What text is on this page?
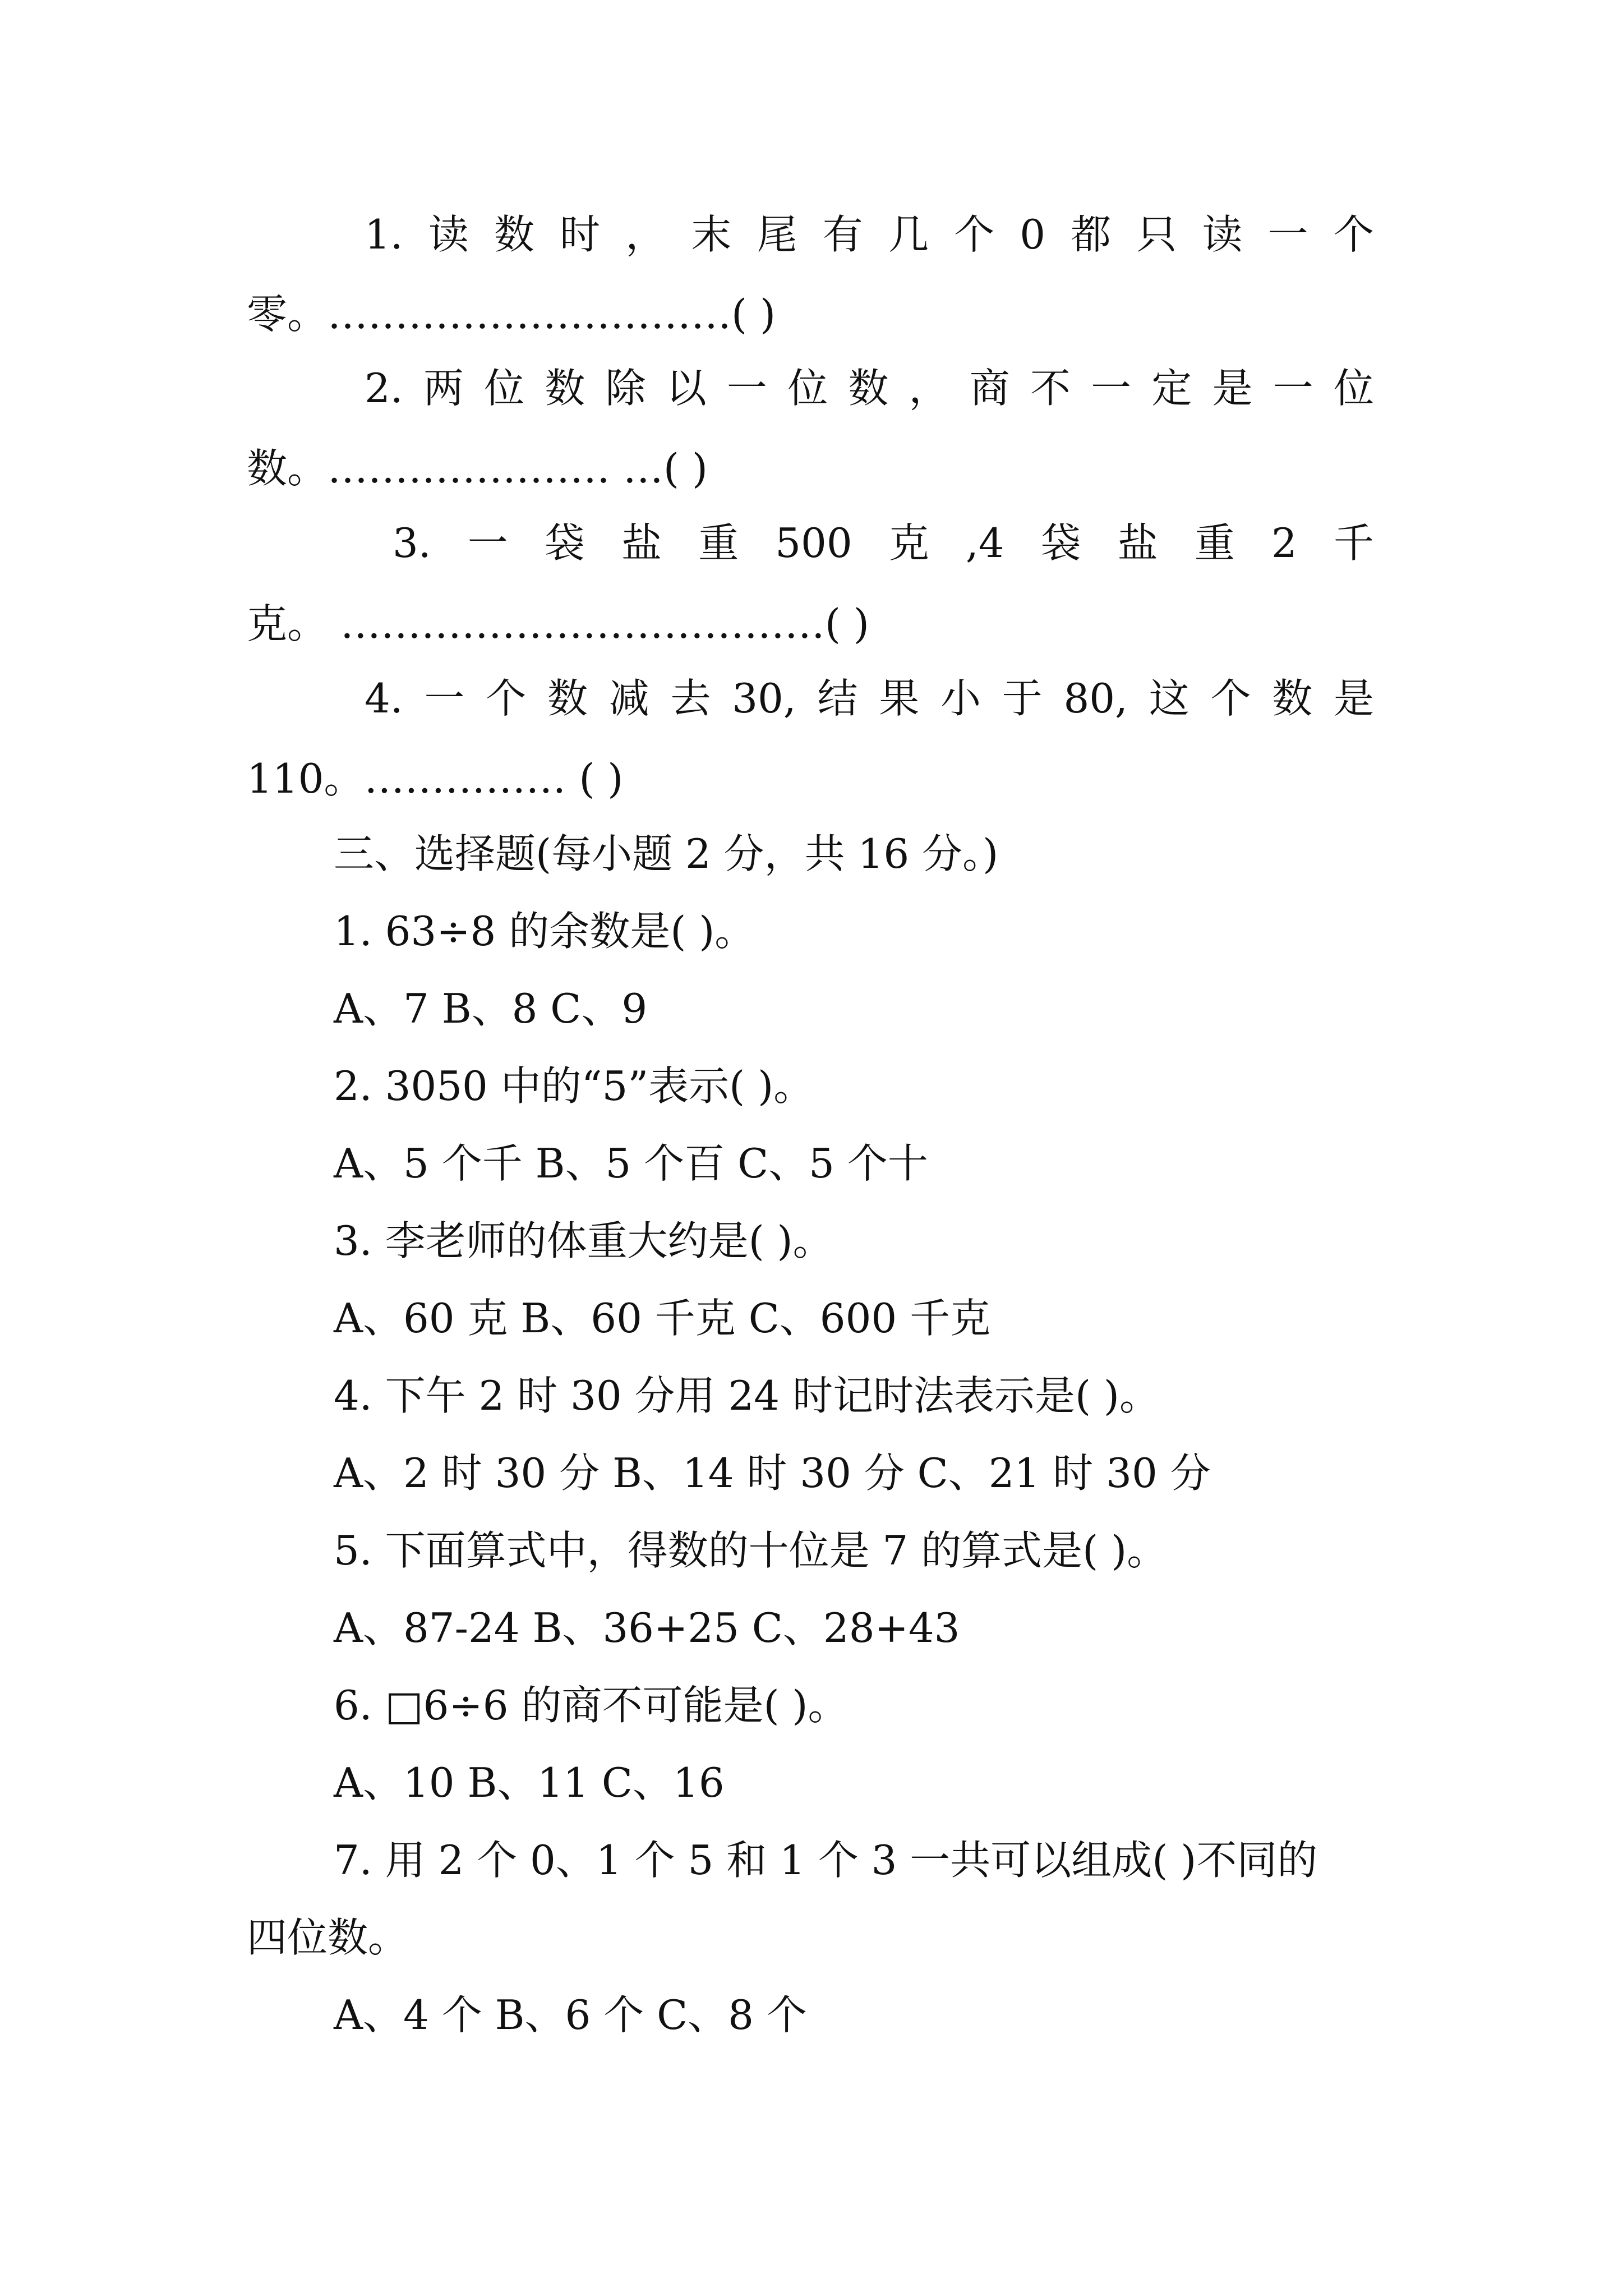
1. 读 数 时 ， 末 尾 有 几 个 0 都 只 读 一 个
零。…………………………( )
2. 两 位 数 除 以 一 位 数 ， 商 不 一 定 是 一 位
数。………………… …( )
3. 一 袋 盐 重 500 克 ,4 袋 盐 重 2 千
克。 ………………………………( )
4. 一 个 数 减 去 30, 结 果 小 于 80, 这 个 数 是
110。…………… ( )
三、选择题(每小题 2 分，共 16 分。)
1. 63÷8 的余数是( )。
A、7 B、8 C、9
2. 3050 中的“5”表示( )。
A、5 个千 B、5 个百 C、5 个十
3. 李老师的体重大约是( )。
A、60 克 B、60 千克 C、600 千克
4. 下午 2 时 30 分用 24 时记时法表示是( )。
A、2 时 30 分 B、14 时 30 分 C、21 时 30 分
5. 下面算式中，得数的十位是 7 的算式是( )。
A、87-24 B、36+25 C、28+43
6. □6÷6 的商不可能是( )。
A、10 B、11 C、16
7. 用 2 个 0、1 个 5 和 1 个 3 一共可以组成( )不同的
四位数。
A、4 个 B、6 个 C、8 个
